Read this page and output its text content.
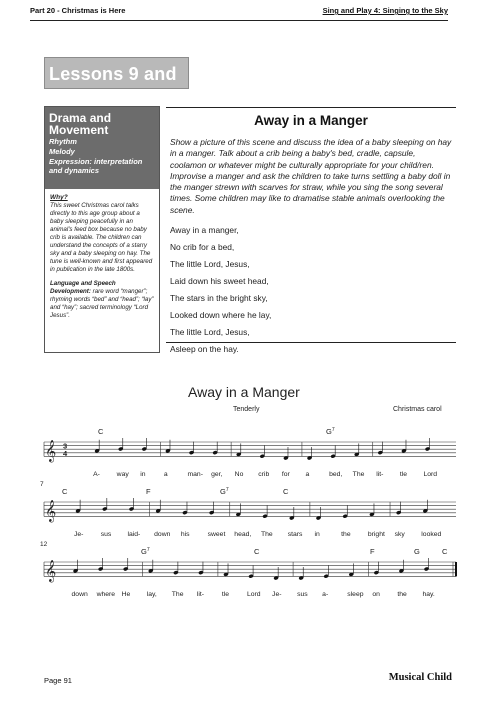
Part 20 - Christmas is Here	Sing and Play 4: Singing to the Sky
Lessons 9 and
Drama and Movement
Rhythm
Melody
Expression: interpretation and dynamics
Why?

This sweet Christmas carol talks directly to this age group about a baby sleeping peacefully in an animal's feed box because no baby crib is available. The children can understand the concepts of a starry sky and a baby sleeping on hay. The tune is well-known and first appeared in publication in the late 1800s.

Language and Speech Development: rare word “manger”; rhyming words “bed” and “head”; “lay” and “hay”; sacred terminology “Lord Jesus”.

Away in a Manger
Show a picture of this scene and discuss the idea of a baby sleeping on hay in a manger. Talk about a crib being a baby's bed, cradle, capsule, coolamon or whatever might be culturally appropriate for your child/ren. Improvise a manger and ask the children to take turns settling a baby doll in the manger strewn with scarves for straw, while you sing the song several times. Some children may like to dramatise stable animals overlooking the scene.
Away in a manger,
No crib for a bed,
The little Lord, Jesus,
Laid down his sweet head,
The stars in the bright sky,
Looked down where he lay,
The little Lord, Jesus,
Asleep on the hay.
Away in a Manger
Tenderly	Christmas carol
𝄞 3
4
C	$G^7$
A- way in	a	man- ger, No crib for a	bed, The lit- tle Lord
𝄞
7
C	F	$G^7$	C
Je-	sus laid- down his	sweet head, The stars in	the	bright sky looked
𝄞
12
$G^7$	C	F	G	C
down where He lay, The lit-	tle	Lord Je- sus a-	sleep on	the hay.
Page 91	Musical Child
